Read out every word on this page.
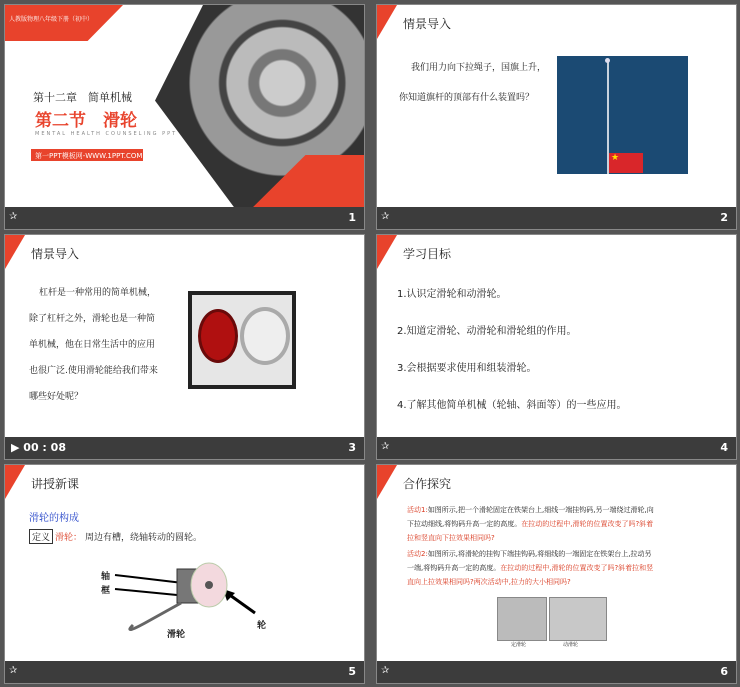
人教版物理八年级下册（初中）
第十二章　简单机械
第二节　滑轮
MENTAL HEALTH COUNSELING PPT
第一PPT模板网-WWW.1PPT.COM
✰	1
情景导入
我们用力向下拉绳子，国旗上升，
你知道旗杆的顶部有什么装置吗？
★
✰	2
情景导入
杠杆是一种常用的简单机械，
除了杠杆之外，滑轮也是一种简
单机械，他在日常生活中的应用
也很广泛.使用滑轮能给我们带来
哪些好处呢？
▶ 00 : 08	3
学习目标
1.认识定滑轮和动滑轮。
2.知道定滑轮、动滑轮和滑轮组的作用。
3.会根据要求使用和组装滑轮。
4.了解其他简单机械（轮轴、斜面等）的一些应用。
✰	4
讲授新课
滑轮的构成
定义 滑轮： 周边有槽，绕轴转动的圆轮。
轴
框
滑轮
轮
✰	5
合作探究
活动1:如图所示,把一个滑轮固定在铁架台上,细线一端挂钩码,另一端绕过滑轮,向
下拉动细线,将钩码升高一定的高度。在拉动的过程中,滑轮的位置改变了吗?斜着
拉和竖直向下拉效果相同吗?
活动2:如图所示,将滑轮的挂钩下端挂钩码,将细线的一端固定在铁架台上,拉动另
一端,将钩码升高一定的高度。在拉动的过程中,滑轮的位置改变了吗?斜着拉和竖
直向上拉效果相同吗?两次活动中,拉力的大小相同吗?
定滑轮	动滑轮
✰	6
